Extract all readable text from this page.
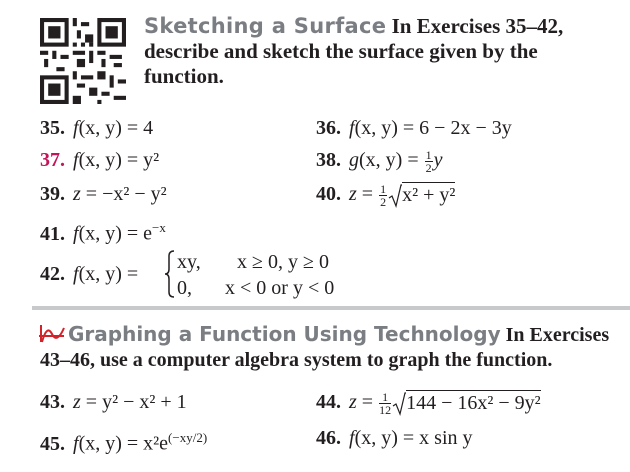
Sketching a Surface In Exercises 35–42, describe and sketch the surface given by the function.
35. f(x, y) = 4	36. f(x, y) = 6 − 2x − 3y
37. f(x, y) = y²	38. g(x, $y) = \frac{1}{2}$ y
39. z = −x² − y²	40. $z = \frac{1}{2} x^2 + y^2$
41. f(x, $y) = e^{-x}$
42. f(x, y) =
xy, x ≥ 0, y ≥ 0
0, x < 0 or y < 0
Graphing a Function Using Technology In Exercises 43–46, use a computer algebra system to graph the function.
43. z = y² − x² + 1	44. $z = \frac{1}{12} 144 - 16x^2 - 9y^2$
45. f(x, $y) = x^2e^{(-xy/2)}$	46. f(x, y) = x sin y
